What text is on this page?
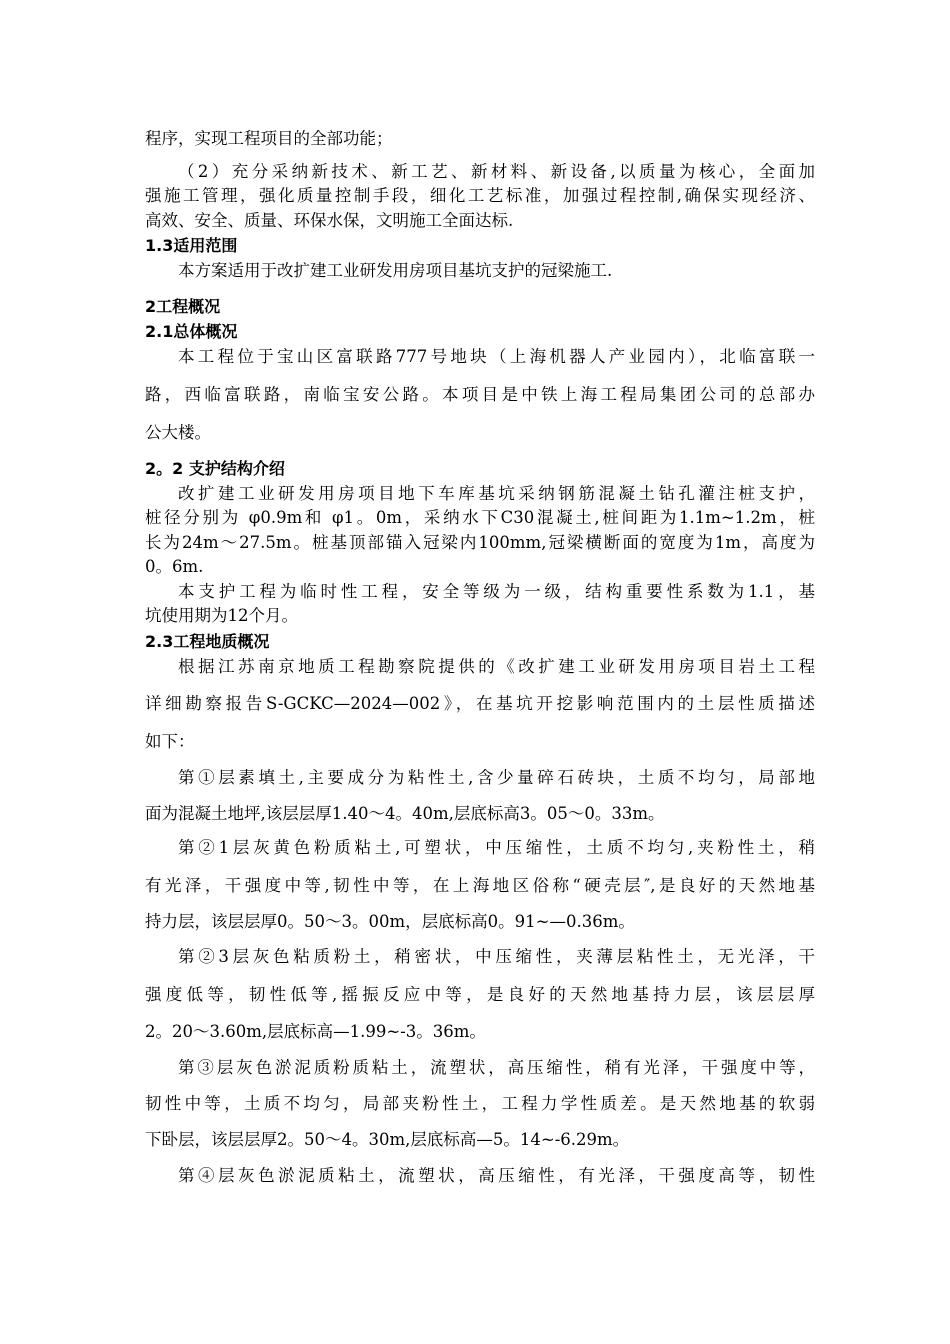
程序，实现工程项目的全部功能；

（2）充分采纳新技术、新工艺、新材料、新设备,以质量为核心，全面加

强施工管理，强化质量控制手段，细化工艺标准，加强过程控制,确保实现经济、

高效、安全、质量、环保水保，文明施工全面达标.

1.3适用范围

本方案适用于改扩建工业研发用房项目基坑支护的冠梁施工.

2工程概况

2.1总体概况

本工程位于宝山区富联路777号地块（上海机器人产业园内），北临富联一

路，西临富联路，南临宝安公路。本项目是中铁上海工程局集团公司的总部办

公大楼。

2。2 支护结构介绍

改扩建工业研发用房项目地下车库基坑采纳钢筋混凝土钻孔灌注桩支护，

桩径分别为 φ0.9m和 φ1。0m，采纳水下C30混凝土,桩间距为1.1m~1.2m，桩

长为24m～27.5m。桩基顶部锚入冠梁内100mm,冠梁横断面的宽度为1m，高度为

0。6m.

本支护工程为临时性工程，安全等级为一级，结构重要性系数为1.1，基

坑使用期为12个月。

2.3工程地质概况

根据江苏南京地质工程勘察院提供的《改扩建工业研发用房项目岩土工程

详细勘察报告S-GCKC—2024—002》，在基坑开挖影响范围内的土层性质描述

如下：

第①层素填土,主要成分为粘性土,含少量碎石砖块，土质不均匀，局部地

面为混凝土地坪,该层层厚1.40～4。40m,层底标高3。05～0。33m。

第②1层灰黄色粉质粘土,可塑状，中压缩性，土质不均匀,夹粉性土，稍

有光泽，干强度中等,韧性中等，在上海地区俗称“硬壳层″,是良好的天然地基

持力层，该层层厚0。50～3。00m，层底标高0。91~—0.36m。

第②3层灰色粘质粉土，稍密状，中压缩性，夹薄层粘性土，无光泽，干

强度低等，韧性低等,摇振反应中等，是良好的天然地基持力层，该层层厚

2。20～3.60m,层底标高—1.99~-3。36m。

第③层灰色淤泥质粉质粘土，流塑状，高压缩性，稍有光泽，干强度中等，

韧性中等，土质不均匀，局部夹粉性土，工程力学性质差。是天然地基的软弱

下卧层，该层层厚2。50～4。30m,层底标高—5。14~-6.29m。

第④层灰色淤泥质粘土，流塑状，高压缩性，有光泽，干强度高等，韧性
